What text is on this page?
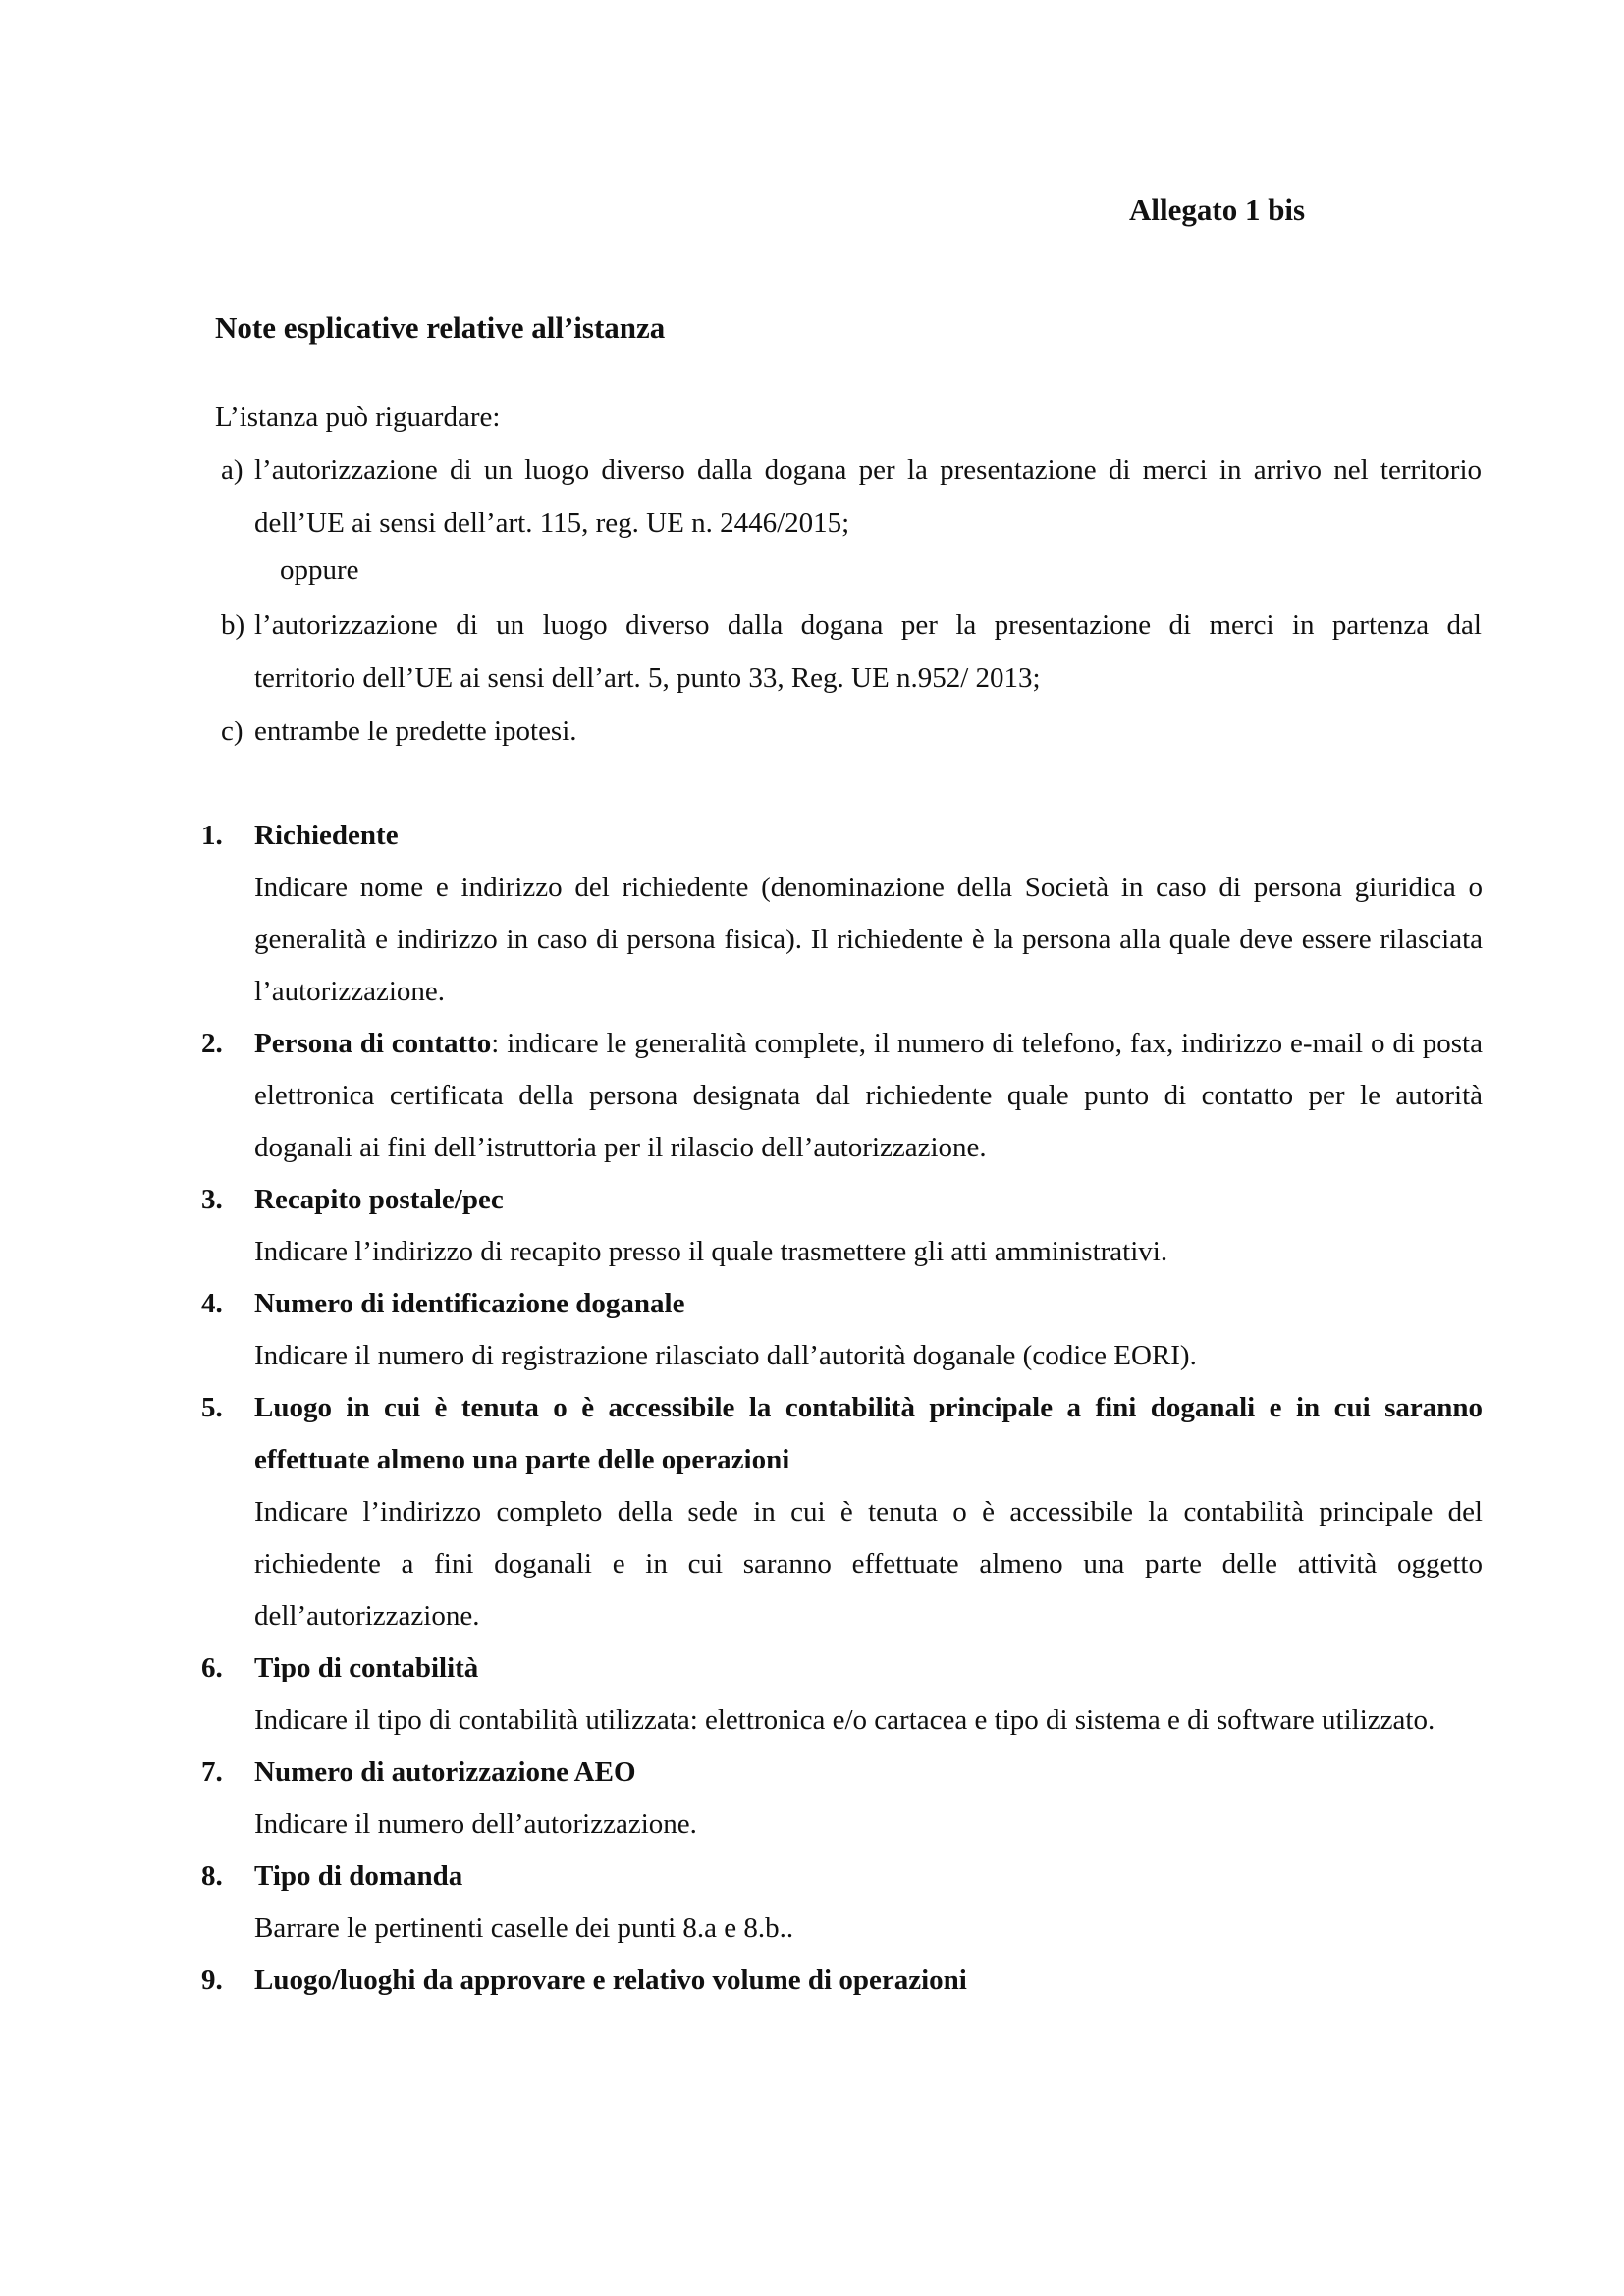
Allegato 1 bis
Note esplicative relative all’istanza
L’istanza può riguardare:
a) l’autorizzazione di un luogo diverso dalla dogana per la presentazione di merci in arrivo nel territorio
dell’UE ai sensi dell’art. 115, reg. UE n. 2446/2015;
oppure
b) l’autorizzazione di un luogo diverso dalla dogana per la presentazione di merci in partenza dal
territorio dell’UE ai sensi dell’art. 5, punto 33, Reg. UE n.952/ 2013;
c) entrambe le predette ipotesi.
1. Richiedente
Indicare nome e indirizzo del richiedente (denominazione della Società in caso di persona giuridica o generalità e indirizzo in caso di persona fisica). Il richiedente è la persona alla quale deve essere rilasciata l’autorizzazione.
2. Persona di contatto: indicare le generalità complete, il numero di telefono, fax, indirizzo e-mail o di posta elettronica certificata della persona designata dal richiedente quale punto di contatto per le autorità doganali ai fini dell’istruttoria per il rilascio dell’autorizzazione.
3. Recapito postale/pec
Indicare l’indirizzo di recapito presso il quale trasmettere gli atti amministrativi.
4. Numero di identificazione doganale
Indicare il numero di registrazione rilasciato dall’autorità doganale (codice EORI).
5. Luogo in cui è tenuta o è accessibile la contabilità principale a fini doganali e in cui saranno effettuate almeno una parte delle operazioni
Indicare l’indirizzo completo della sede in cui è tenuta o è accessibile la contabilità principale del richiedente a fini doganali e in cui saranno effettuate almeno una parte delle attività oggetto dell’autorizzazione.
6. Tipo di contabilità
Indicare il tipo di contabilità utilizzata: elettronica e/o cartacea e tipo di sistema e di software utilizzato.
7. Numero di autorizzazione AEO
Indicare il numero dell’autorizzazione.
8. Tipo di domanda
Barrare le pertinenti caselle dei punti 8.a e 8.b..
9. Luogo/luoghi da approvare e relativo volume di operazioni
